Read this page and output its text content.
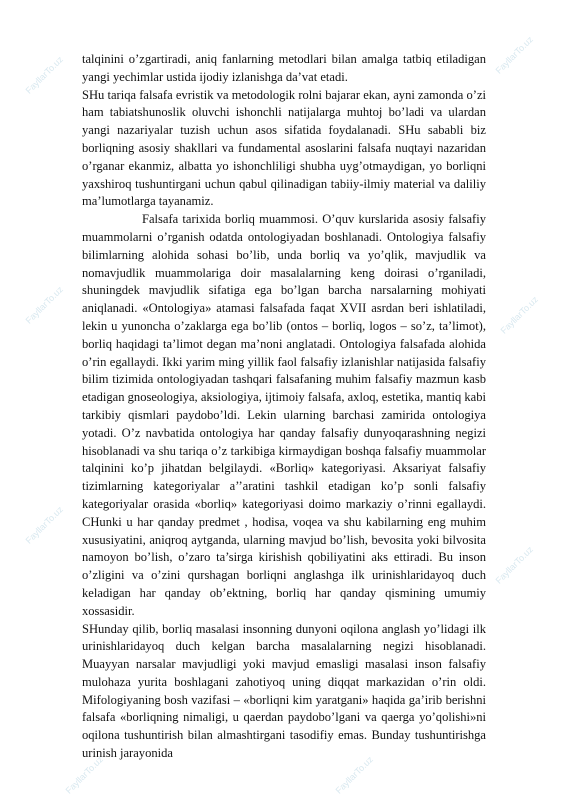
FayllarTo.uz	FayllarTo.uz
FayllarTo.uz	FayllarTo.uz
FayllarTo.uz
FayllarTo.uz
FayllarTo.uz	FayllarTo.uz

talqinini o’zgartiradi, aniq fanlarning metodlari bilan amalga tatbiq etiladigan yangi yechimlar ustida ijodiy izlanishga da’vat etadi.

SHu tariqa falsafa evristik va metodologik rolni bajarar ekan, ayni zamonda o’zi ham tabiatshunoslik oluvchi ishonchli natijalarga muhtoj bo’ladi va ulardan yangi nazariyalar tuzish uchun asos sifatida foydalanadi. SHu sababli biz borliqning asosiy shakllari va fundamental asoslarini falsafa nuqtayi nazaridan o’rganar ekanmiz, albatta yo ishonchliligi shubha uyg’otmaydigan, yo borliqni yaxshiroq tushuntirgani uchun qabul qilinadigan tabiiy-ilmiy material va daliliy ma’lumotlarga tayanamiz.

Falsafa tarixida borliq muammosi. O’quv kurslarida asosiy falsafiy muammolarni o’rganish odatda ontologiyadan boshlanadi. Ontologiya falsafiy bilimlarning alohida sohasi bo’lib, unda borliq va yo’qlik, mavjudlik va nomavjudlik muammolariga doir masalalarning keng doirasi o’rganiladi, shuningdek mavjudlik sifatiga ega bo’lgan barcha narsalarning mohiyati aniqlanadi. «Ontologiya» atamasi falsafada faqat XVII asrdan beri ishlatiladi, lekin u yunoncha o’zaklarga ega bo’lib (ontos – borliq, logos – so’z, ta’limot), borliq haqidagi ta’limot degan ma’noni anglatadi. Ontologiya falsafada alohida o’rin egallaydi. Ikki yarim ming yillik faol falsafiy izlanishlar natijasida falsafiy bilim tizimida ontologiyadan tashqari falsafaning muhim falsafiy mazmun kasb etadigan gnoseologiya, aksiologiya, ijtimoiy falsafa, axloq, estetika, mantiq kabi tarkibiy qismlari paydobo’ldi. Lekin ularning barchasi zamirida ontologiya yotadi. O’z navbatida ontologiya har qanday falsafiy dunyoqarashning negizi hisoblanadi va shu tariqa o’z tarkibiga kirmaydigan boshqa falsafiy muammolar talqinini ko’p jihatdan belgilaydi. «Borliq» kategoriyasi. Aksariyat falsafiy tizimlarning kategoriyalar a’’aratini tashkil etadigan ko’p sonli falsafiy kategoriyalar orasida «borliq» kategoriyasi doimo markaziy o’rinni egallaydi. CHunki u har qanday predmet , hodisa, voqea va shu kabilarning eng muhim xususiyatini, aniqroq aytganda, ularning mavjud bo’lish, bevosita yoki bilvosita namoyon bo’lish, o’zaro ta’sirga kirishish qobiliyatini aks ettiradi. Bu inson o’zligini va o’zini qurshagan borliqni anglashga ilk urinishlaridayoq duch keladigan har qanday ob’ektning, borliq har qanday qismining umumiy xossasidir.

SHunday qilib, borliq masalasi insonning dunyoni oqilona anglash yo’lidagi ilk urinishlaridayoq duch kelgan barcha masalalarning negizi hisoblanadi. Muayyan narsalar mavjudligi yoki mavjud emasligi masalasi inson falsafiy mulohaza yurita boshlagani zahotiyoq uning diqqat markazidan o’rin oldi. Mifologiyaning bosh vazifasi – «borliqni kim yaratgani» haqida ga’irib berishni falsafa «borliqning nimaligi, u qaerdan paydobo’lgani va qaerga yo’qolishi»ni oqilona tushuntirish bilan almashtirgani tasodifiy emas. Bunday tushuntirishga urinish jarayonida
